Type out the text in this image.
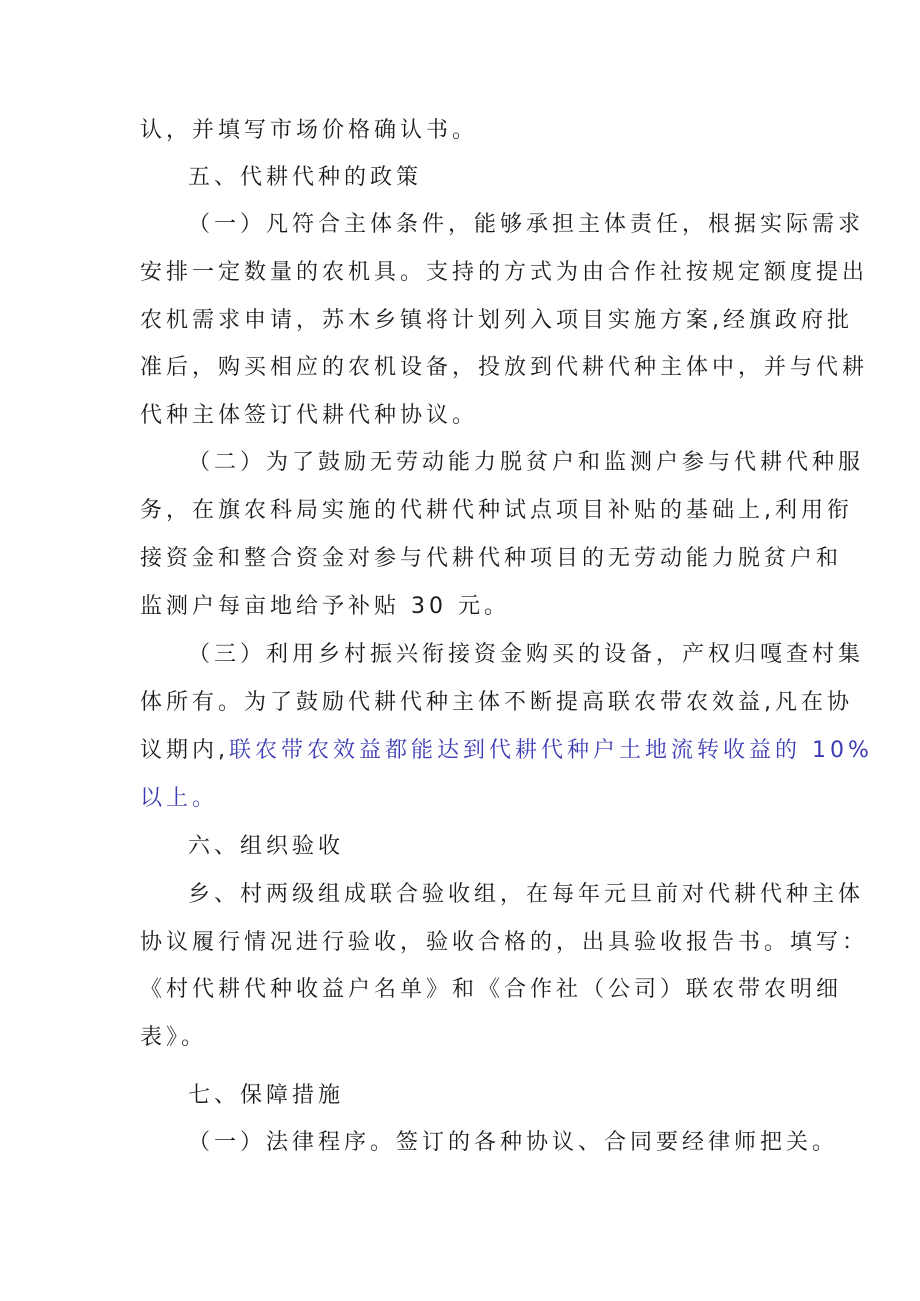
认，并填写市场价格确认书。
五、代耕代种的政策
（一）凡符合主体条件，能够承担主体责任，根据实际需求
安排一定数量的农机具。支持的方式为由合作社按规定额度提出
农机需求申请，苏木乡镇将计划列入项目实施方案,经旗政府批
准后，购买相应的农机设备，投放到代耕代种主体中，并与代耕
代种主体签订代耕代种协议。
（二）为了鼓励无劳动能力脱贫户和监测户参与代耕代种服
务，在旗农科局实施的代耕代种试点项目补贴的基础上,利用衔
接资金和整合资金对参与代耕代种项目的无劳动能力脱贫户和
监测户每亩地给予补贴 30 元。
（三）利用乡村振兴衔接资金购买的设备，产权归嘎查村集
体所有。为了鼓励代耕代种主体不断提高联农带农效益,凡在协
议期内,联农带农效益都能达到代耕代种户土地流转收益的 10%
以上。
六、组织验收
乡、村两级组成联合验收组，在每年元旦前对代耕代种主体
协议履行情况进行验收，验收合格的，出具验收报告书。填写：
《村代耕代种收益户名单》和《合作社（公司）联农带农明细
表》。
七、保障措施
（一）法律程序。签订的各种协议、合同要经律师把关。
